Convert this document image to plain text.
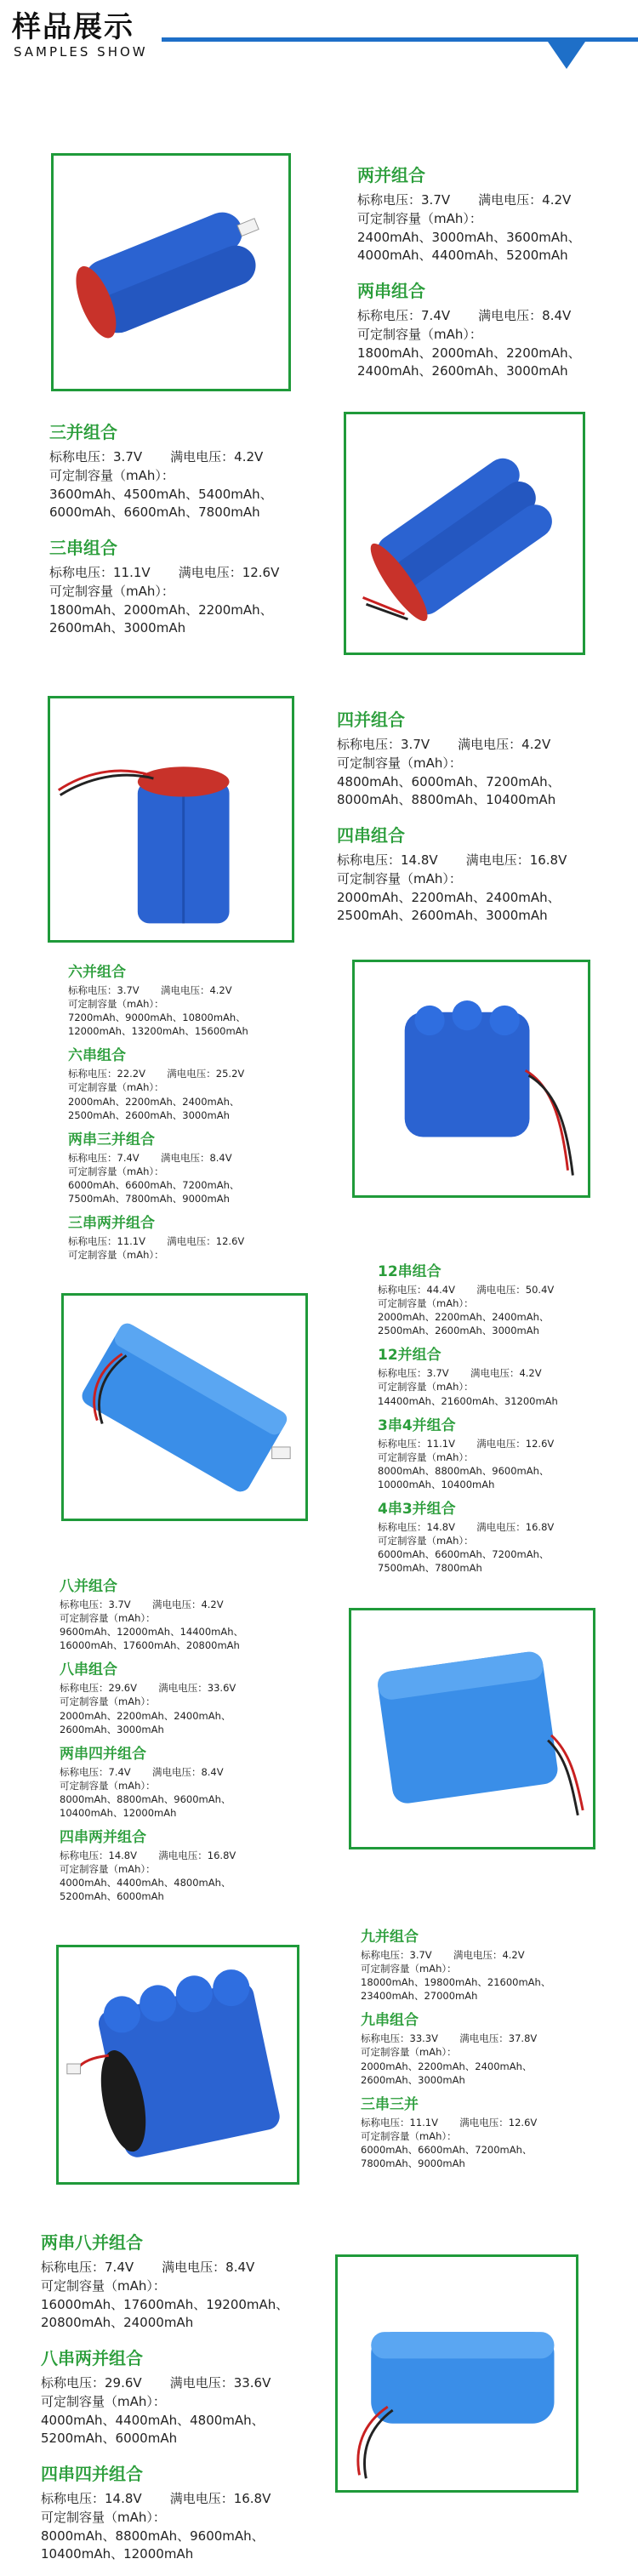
样品展示
SAMPLES SHOW
两并组合

标称电压：3.7V 满电电压：4.2V

可定制容量（mAh）：

2400mAh、3000mAh、3600mAh、

4000mAh、4400mAh、5200mAh

两串组合

标称电压：7.4V 满电电压：8.4V

可定制容量（mAh）：

1800mAh、2000mAh、2200mAh、

2400mAh、2600mAh、3000mAh

三并组合

标称电压：3.7V 满电电压：4.2V

可定制容量（mAh）：

3600mAh、4500mAh、5400mAh、

6000mAh、6600mAh、7800mAh

三串组合

标称电压：11.1V 满电电压：12.6V

可定制容量（mAh）：

1800mAh、2000mAh、2200mAh、

2600mAh、3000mAh

四并组合

标称电压：3.7V 满电电压：4.2V

可定制容量（mAh）：

4800mAh、6000mAh、7200mAh、

8000mAh、8800mAh、10400mAh

四串组合

标称电压：14.8V 满电电压：16.8V

可定制容量（mAh）：

2000mAh、2200mAh、2400mAh、

2500mAh、2600mAh、3000mAh

六并组合

标称电压：3.7V 满电电压：4.2V

可定制容量（mAh）：

7200mAh、9000mAh、10800mAh、

12000mAh、13200mAh、15600mAh

六串组合

标称电压：22.2V 满电电压：25.2V

可定制容量（mAh）：

2000mAh、2200mAh、2400mAh、

2500mAh、2600mAh、3000mAh

两串三并组合

标称电压：7.4V 满电电压：8.4V

可定制容量（mAh）：

6000mAh、6600mAh、7200mAh、

7500mAh、7800mAh、9000mAh

三串两并组合

标称电压：11.1V 满电电压：12.6V

可定制容量（mAh）：

12串组合

标称电压：44.4V 满电电压：50.4V

可定制容量（mAh）：

2000mAh、2200mAh、2400mAh、

2500mAh、2600mAh、3000mAh

12并组合

标称电压：3.7V 满电电压：4.2V

可定制容量（mAh）：

14400mAh、21600mAh、31200mAh

3串4并组合

标称电压：11.1V 满电电压：12.6V

可定制容量（mAh）：

8000mAh、8800mAh、9600mAh、

10000mAh、10400mAh

4串3并组合

标称电压：14.8V 满电电压：16.8V

可定制容量（mAh）：

6000mAh、6600mAh、7200mAh、

7500mAh、7800mAh

八并组合

标称电压：3.7V 满电电压：4.2V

可定制容量（mAh）：

9600mAh、12000mAh、14400mAh、

16000mAh、17600mAh、20800mAh

八串组合

标称电压：29.6V 满电电压：33.6V

可定制容量（mAh）：

2000mAh、2200mAh、2400mAh、

2600mAh、3000mAh

两串四并组合

标称电压：7.4V 满电电压：8.4V

可定制容量（mAh）：

8000mAh、8800mAh、9600mAh、

10400mAh、12000mAh

四串两并组合

标称电压：14.8V 满电电压：16.8V

可定制容量（mAh）：

4000mAh、4400mAh、4800mAh、

5200mAh、6000mAh

九并组合

标称电压：3.7V 满电电压：4.2V

可定制容量（mAh）：

18000mAh、19800mAh、21600mAh、

23400mAh、27000mAh

九串组合

标称电压：33.3V 满电电压：37.8V

可定制容量（mAh）：

2000mAh、2200mAh、2400mAh、

2600mAh、3000mAh

三串三并

标称电压：11.1V 满电电压：12.6V

可定制容量（mAh）：

6000mAh、6600mAh、7200mAh、

7800mAh、9000mAh

两串八并组合

标称电压：7.4V 满电电压：8.4V

可定制容量（mAh）：

16000mAh、17600mAh、19200mAh、

20800mAh、24000mAh

八串两并组合

标称电压：29.6V 满电电压：33.6V

可定制容量（mAh）：

4000mAh、4400mAh、4800mAh、

5200mAh、6000mAh

四串四并组合

标称电压：14.8V 满电电压：16.8V

可定制容量（mAh）：

8000mAh、8800mAh、9600mAh、

10400mAh、12000mAh
